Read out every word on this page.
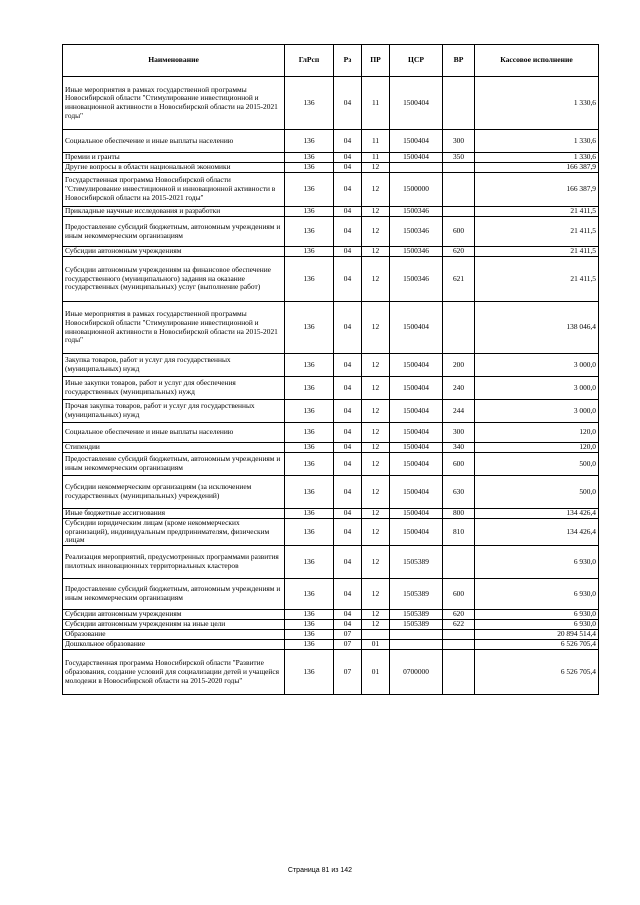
Наименование	ГлРсп	Рз	ПР	ЦСР	ВР	Кассовое исполнение
Иные мероприятия в рамках государственной программы Новосибирской области "Стимулирование инвестиционной и инновационной активности в Новосибирской области на 2015-2021 годы"	136	04	11	1500404		1 330,6
Социальное обеспечение и иные выплаты населению	136	04	11	1500404	300	1 330,6
Премии и гранты	136	04	11	1500404	350	1 330,6
Другие вопросы в области национальной экономики	136	04	12			166 387,9
Государственная программа Новосибирской области "Стимулирование инвестиционной и инновационной активности в Новосибирской области на 2015-2021 годы"	136	04	12	1500000		166 387,9
Прикладные научные исследования и разработки	136	04	12	1500346		21 411,5
Предоставление субсидий бюджетным, автономным учреждениям и иным некоммерческим организациям	136	04	12	1500346	600	21 411,5
Субсидии автономным учреждениям	136	04	12	1500346	620	21 411,5
Субсидии автономным учреждениям на финансовое обеспечение государственного (муниципального) задания на оказание государственных (муниципальных) услуг (выполнение работ)	136	04	12	1500346	621	21 411,5
Иные мероприятия в рамках государственной программы Новосибирской области "Стимулирование инвестиционной и инновационной активности в Новосибирской области на 2015-2021 годы"	136	04	12	1500404		138 046,4
Закупка товаров, работ и услуг для государственных (муниципальных) нужд	136	04	12	1500404	200	3 000,0
Иные закупки товаров, работ и услуг для обеспечения государственных (муниципальных) нужд	136	04	12	1500404	240	3 000,0
Прочая закупка товаров, работ и услуг для государственных (муниципальных) нужд	136	04	12	1500404	244	3 000,0
Социальное обеспечение и иные выплаты населению	136	04	12	1500404	300	120,0
Стипендии	136	04	12	1500404	340	120,0
Предоставление субсидий бюджетным, автономным учреждениям и иным некоммерческим организациям	136	04	12	1500404	600	500,0
Субсидии некоммерческим организациям (за исключением государственных (муниципальных) учреждений)	136	04	12	1500404	630	500,0
Иные бюджетные ассигнования	136	04	12	1500404	800	134 426,4
Субсидии юридическим лицам (кроме некоммерческих организаций), индивидуальным предпринимателям, физическим лицам	136	04	12	1500404	810	134 426,4
Реализация мероприятий, предусмотренных программами развития пилотных инновационных территориальных кластеров	136	04	12	1505389		6 930,0
Предоставление субсидий бюджетным, автономным учреждениям и иным некоммерческим организациям	136	04	12	1505389	600	6 930,0
Субсидии автономным учреждениям	136	04	12	1505389	620	6 930,0
Субсидии автономным учреждениям на иные цели	136	04	12	1505389	622	6 930,0
Образование	136	07				20 894 514,4
Дошкольное образование	136	07	01			6 526 705,4
Государственная программа Новосибирской области "Развитие образования, создание условий для социализации детей и учащейся молодежи в Новосибирской области на 2015-2020 годы"	136	07	01	0700000		6 526 705,4
Страница 81 из 142
